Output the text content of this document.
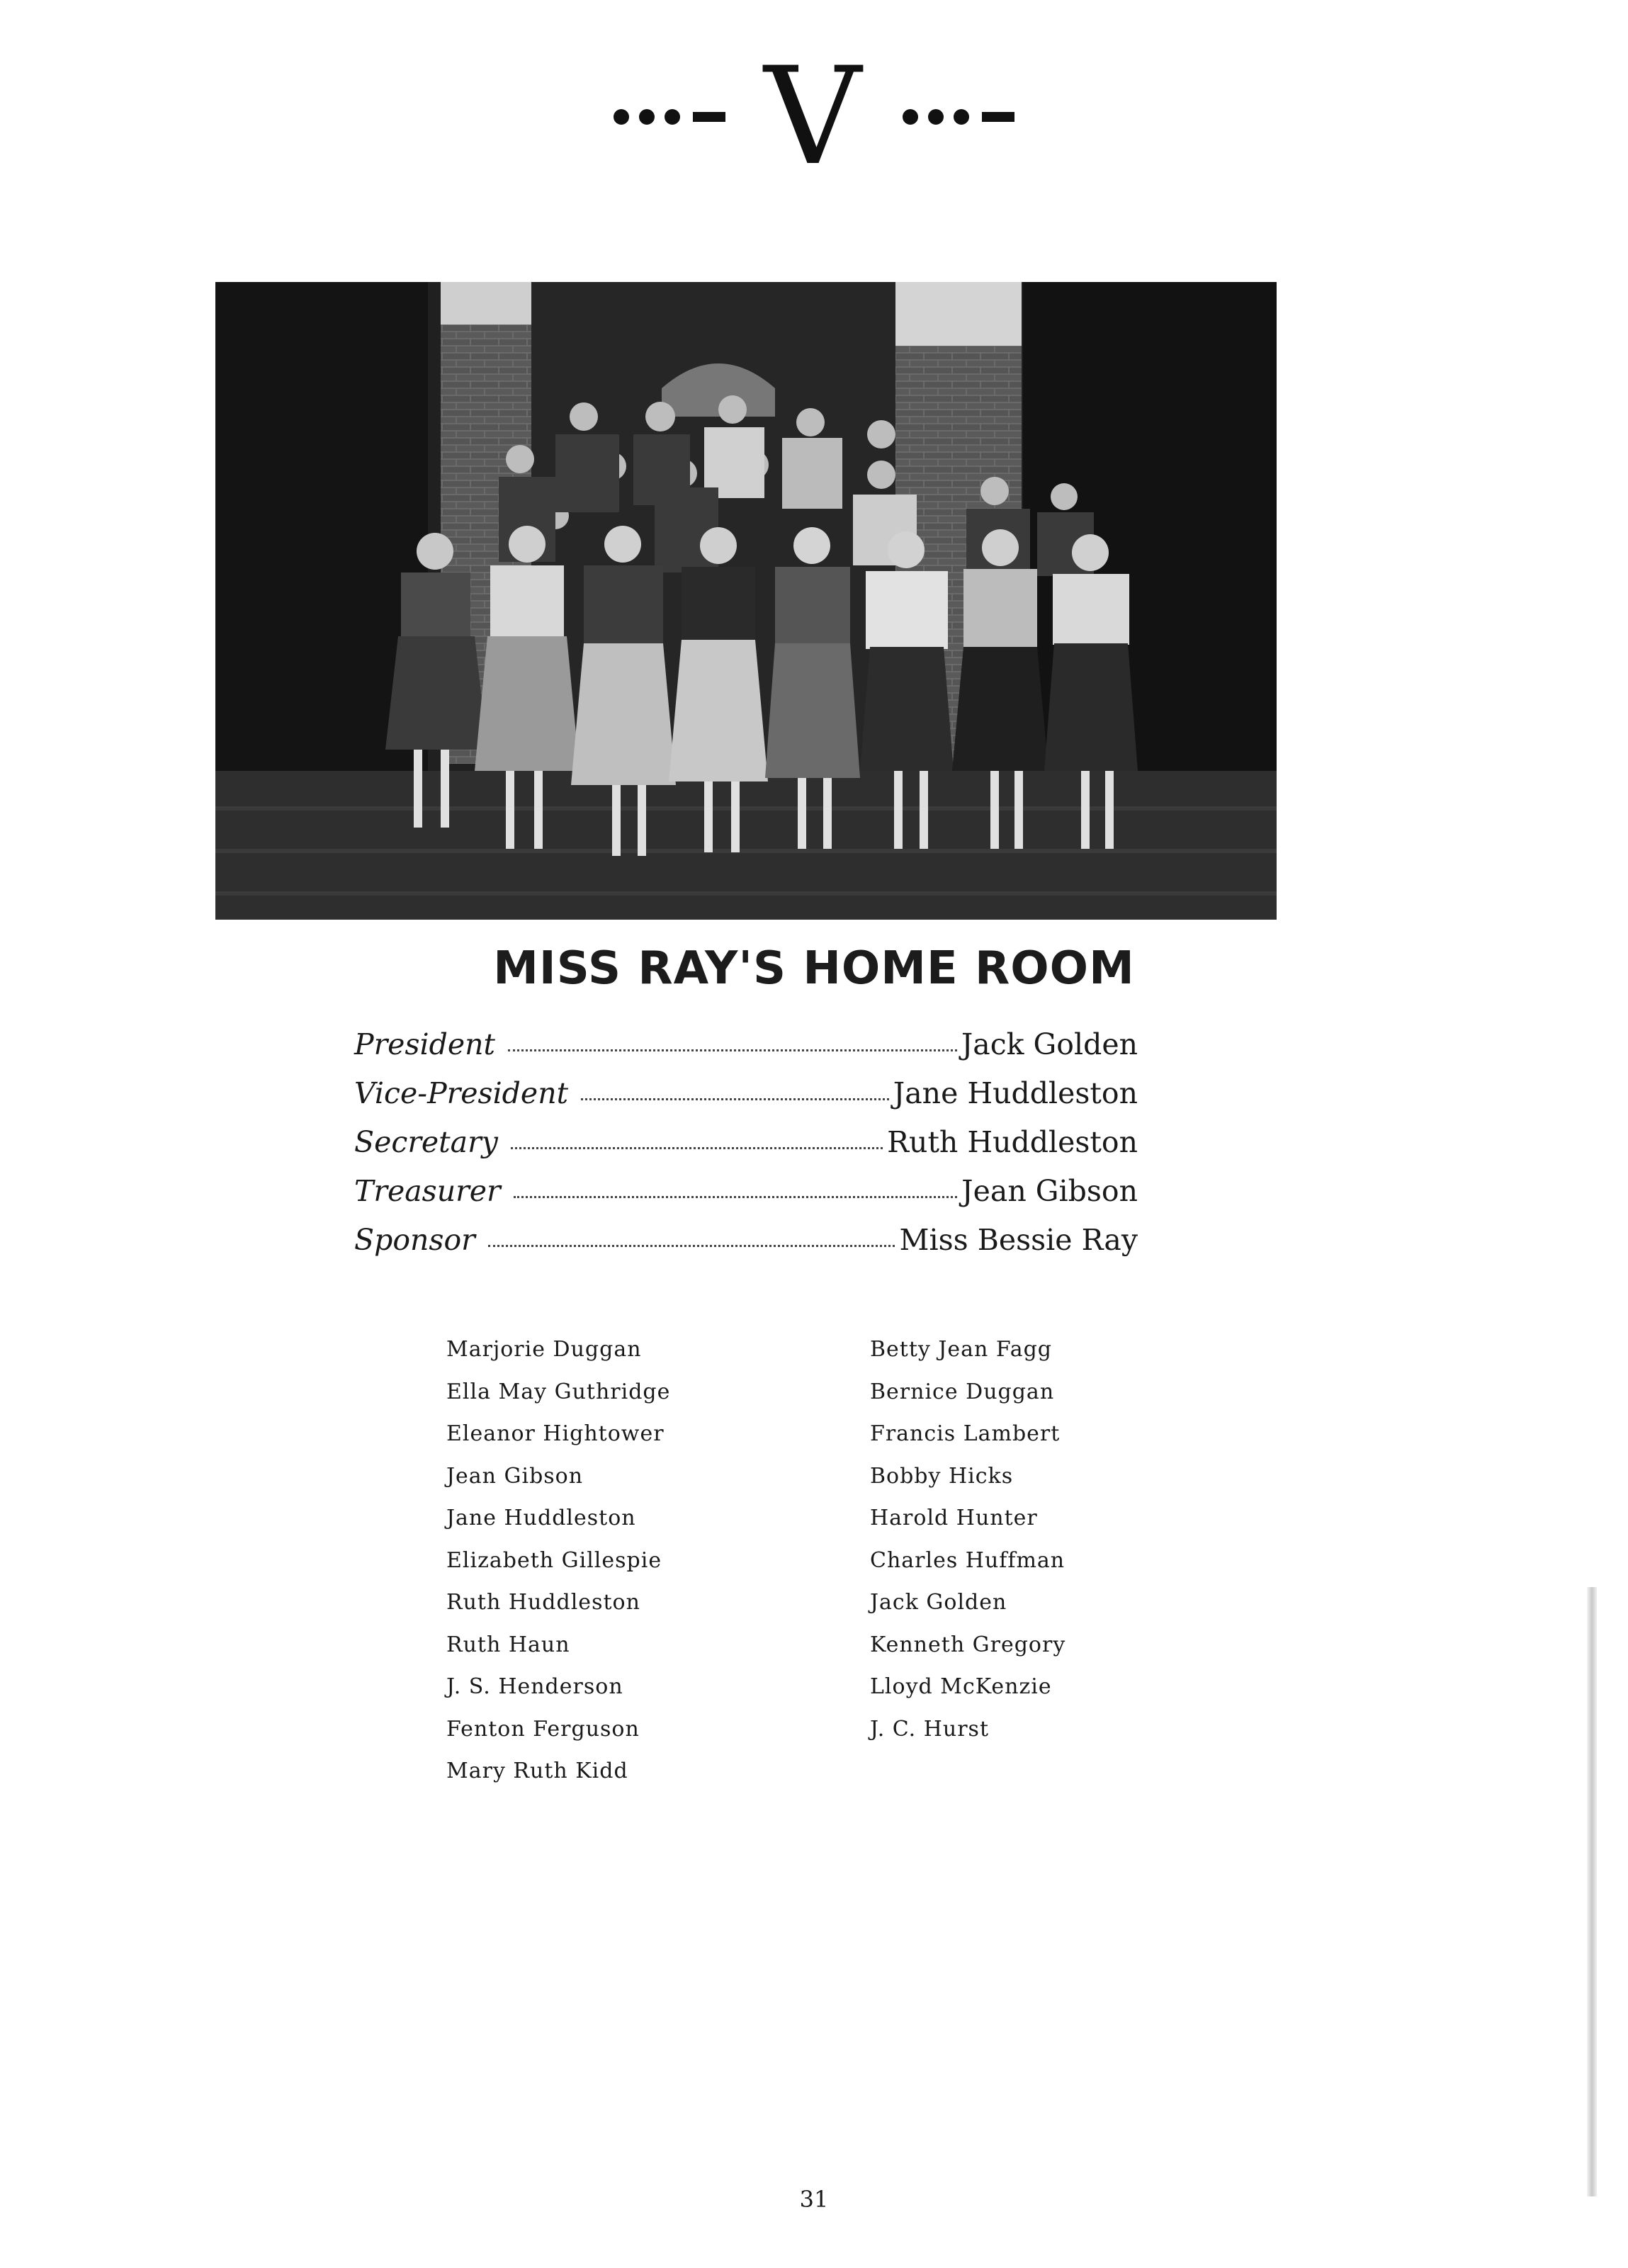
V
MISS RAY'S HOME ROOM
President	Jack Golden
Vice-President	Jane Huddleston
Secretary	Ruth Huddleston
Treasurer	Jean Gibson
Sponsor	Miss Bessie Ray
Marjorie Duggan
Ella May Guthridge
Eleanor Hightower
Jean Gibson
Jane Huddleston
Elizabeth Gillespie
Ruth Huddleston
Ruth Haun
J. S. Henderson
Fenton Ferguson
Mary Ruth Kidd
Betty Jean Fagg
Bernice Duggan
Francis Lambert
Bobby Hicks
Harold Hunter
Charles Huffman
Jack Golden
Kenneth Gregory
Lloyd McKenzie
J. C. Hurst
31
